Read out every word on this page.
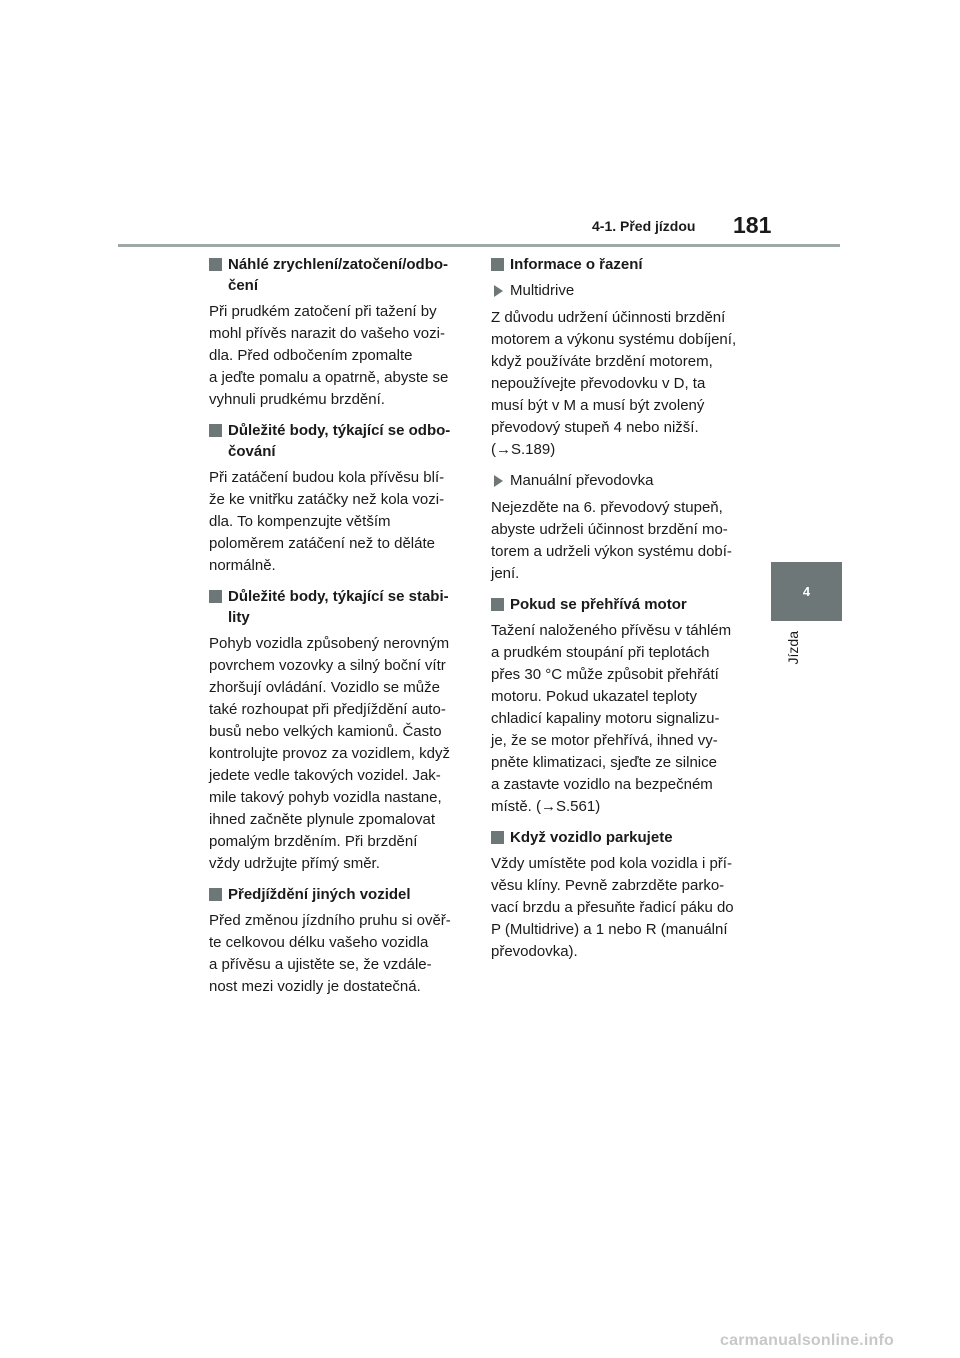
4-1. Před jízdou 181
4
Jízda
Náhlé zrychlení/zatočení/odbo-
čení
Při prudkém zatočení při tažení by
mohl přívěs narazit do vašeho vozi-
dla. Před odbočením zpomalte
a jeďte pomalu a opatrně, abyste se
vyhnuli prudkému brzdění.
Důležité body, týkající se odbo-
čování
Při zatáčení budou kola přívěsu blí-
že ke vnitřku zatáčky než kola vozi-
dla. To kompenzujte větším
poloměrem zatáčení než to děláte
normálně.
Důležité body, týkající se stabi-
lity
Pohyb vozidla způsobený nerovným
povrchem vozovky a silný boční vítr
zhoršují ovládání. Vozidlo se může
také rozhoupat při předjíždění auto-
busů nebo velkých kamionů. Často
kontrolujte provoz za vozidlem, když
jedete vedle takových vozidel. Jak-
mile takový pohyb vozidla nastane,
ihned začněte plynule zpomalovat
pomalým brzděním. Při brzdění
vždy udržujte přímý směr.
Předjíždění jiných vozidel
Před změnou jízdního pruhu si ověř-
te celkovou délku vašeho vozidla
a přívěsu a ujistěte se, že vzdále-
nost mezi vozidly je dostatečná.
Informace o řazení
Multidrive
Z důvodu udržení účinnosti brzdění
motorem a výkonu systému dobíjení,
když používáte brzdění motorem,
nepoužívejte převodovku v D, ta
musí být v M a musí být zvolený
převodový stupeň 4 nebo nižší.
(→S.189)
Manuální převodovka
Nejezděte na 6. převodový stupeň,
abyste udrželi účinnost brzdění mo-
torem a udrželi výkon systému dobí-
jení.
Pokud se přehřívá motor
Tažení naloženého přívěsu v táhlém
a prudkém stoupání při teplotách
přes 30 °C může způsobit přehřátí
motoru. Pokud ukazatel teploty
chladicí kapaliny motoru signalizu-
je, že se motor přehřívá, ihned vy-
pněte klimatizaci, sjeďte ze silnice
a zastavte vozidlo na bezpečném
místě. (→S.561)
Když vozidlo parkujete
Vždy umístěte pod kola vozidla i pří-
věsu klíny. Pevně zabrzděte parko-
vací brzdu a přesuňte řadicí páku do
P (Multidrive) a 1 nebo R (manuální
převodovka).
carmanualsonline.info
